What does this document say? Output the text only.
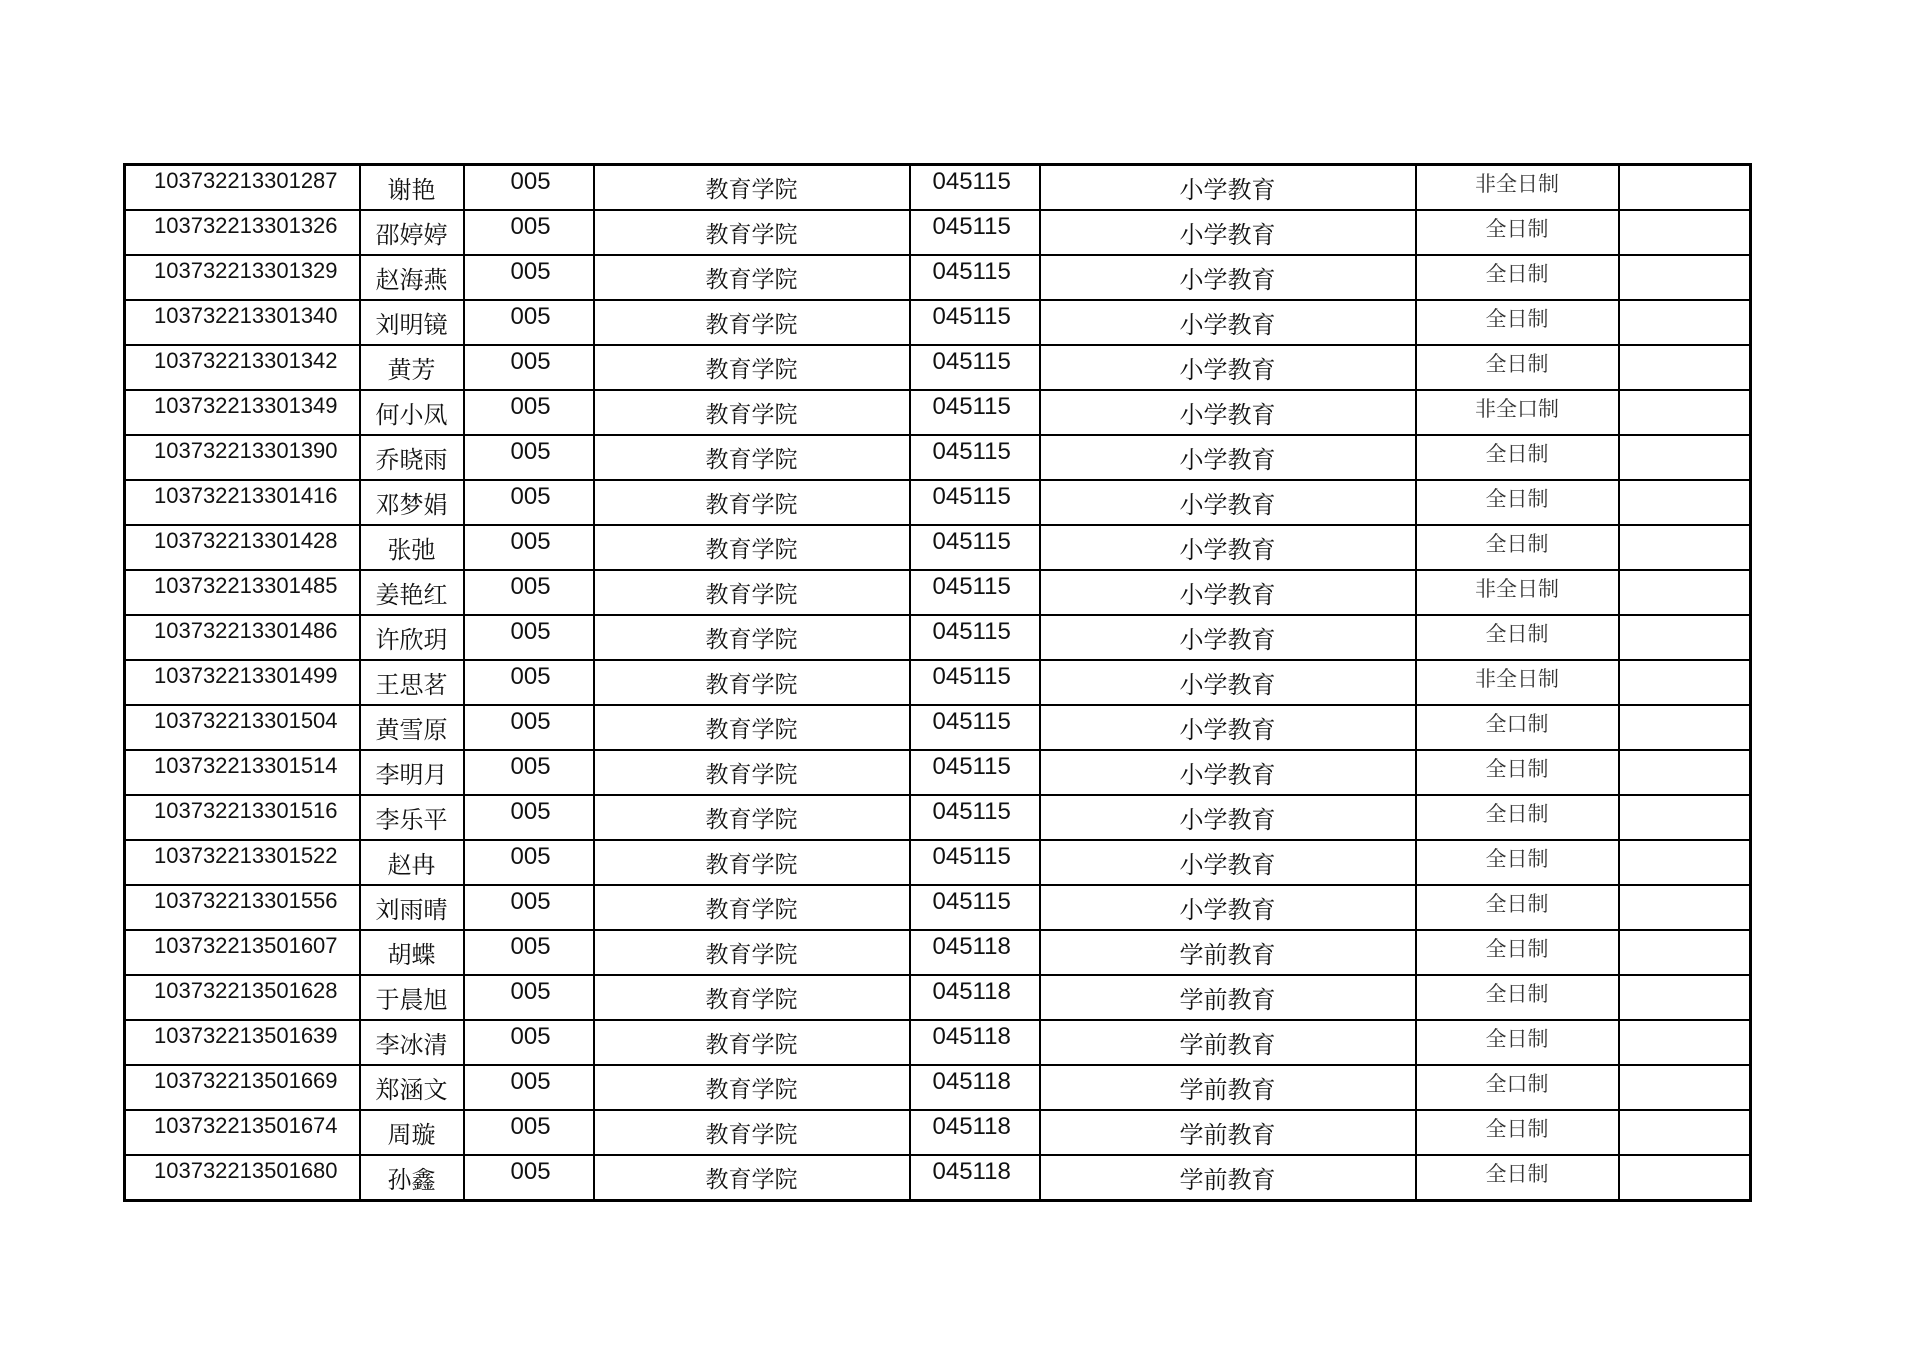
103732213301287	谢艳	005	教育学院	045115	小学教育	非全日制	
103732213301326	邵婷婷	005	教育学院	045115	小学教育	全日制	
103732213301329	赵海燕	005	教育学院	045115	小学教育	全日制	
103732213301340	刘明镜	005	教育学院	045115	小学教育	全日制	
103732213301342	黄芳	005	教育学院	045115	小学教育	全日制	
103732213301349	何小凤	005	教育学院	045115	小学教育	非全口制	
103732213301390	乔晓雨	005	教育学院	045115	小学教育	全日制	
103732213301416	邓梦娟	005	教育学院	045115	小学教育	全日制	
103732213301428	张弛	005	教育学院	045115	小学教育	全日制	
103732213301485	姜艳红	005	教育学院	045115	小学教育	非全日制	
103732213301486	许欣玥	005	教育学院	045115	小学教育	全日制	
103732213301499	王思茗	005	教育学院	045115	小学教育	非全日制	
103732213301504	黄雪原	005	教育学院	045115	小学教育	全口制	
103732213301514	李明月	005	教育学院	045115	小学教育	全日制	
103732213301516	李乐平	005	教育学院	045115	小学教育	全日制	
103732213301522	赵冉	005	教育学院	045115	小学教育	全日制	
103732213301556	刘雨晴	005	教育学院	045115	小学教育	全日制	
103732213501607	胡蝶	005	教育学院	045118	学前教育	全日制	
103732213501628	于晨旭	005	教育学院	045118	学前教育	全日制	
103732213501639	李冰清	005	教育学院	045118	学前教育	全日制	
103732213501669	郑涵文	005	教育学院	045118	学前教育	全口制	
103732213501674	周璇	005	教育学院	045118	学前教育	全日制	
103732213501680	孙鑫	005	教育学院	045118	学前教育	全日制	
